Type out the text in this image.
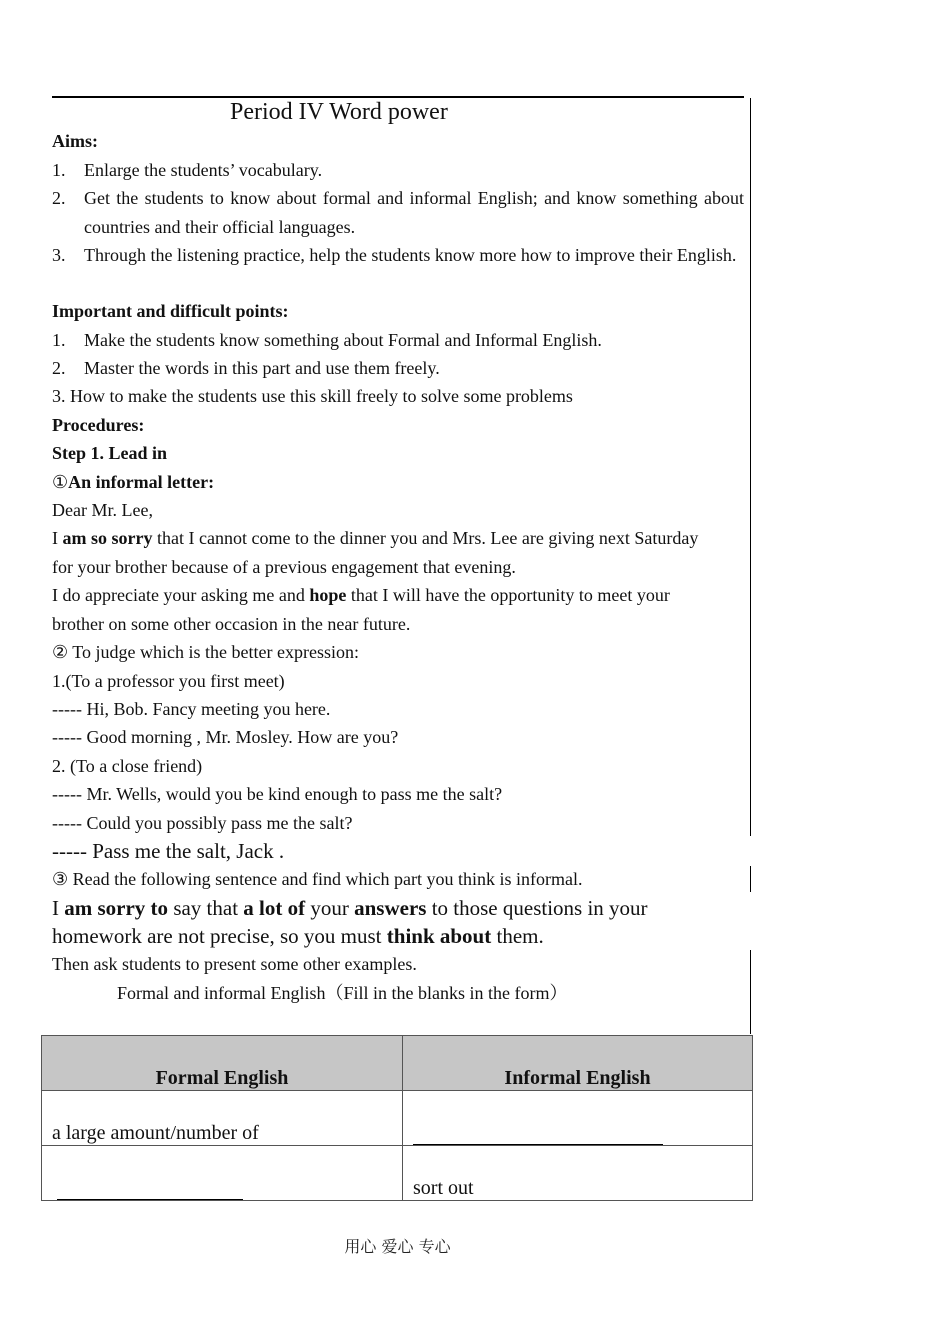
Period IV Word power
Aims:
1.	Enlarge the students’ vocabulary.
2.	Get the students to know about formal and informal English; and know something about countries and their official languages.
3.	Through the listening practice, help the students know more how to improve their English.
Important and difficult points:
1.	Make the students know something about Formal and Informal English.
2.	Master the words in this part and use them freely.
3. How to make the students use this skill freely to solve some problems
Procedures:
Step 1. Lead in
①An informal letter:
Dear Mr. Lee,
I am so sorry that I cannot come to the dinner you and Mrs. Lee are giving next Saturday
for your brother because of a previous engagement that evening.
I do appreciate your asking me and hope that I will have the opportunity to meet your
brother on some other occasion in the near future.
② To judge which is the better expression:
1.(To a professor you first meet)
----- Hi, Bob. Fancy meeting you here.
----- Good morning , Mr. Mosley. How are you?
2. (To a close friend)
----- Mr. Wells, would you be kind enough to pass me the salt?
----- Could you possibly pass me the salt?
----- Pass me the salt, Jack .
③ Read the following sentence and find which part you think is informal.
I am sorry to say that a lot of your answers to those questions in your
homework are not precise, so you must think about them.
Then ask students to present some other examples.
Formal and informal English（Fill in the blanks in the form）
Formal English	Informal English
a large amount/number of	
	sort out
用心 爱心 专心
